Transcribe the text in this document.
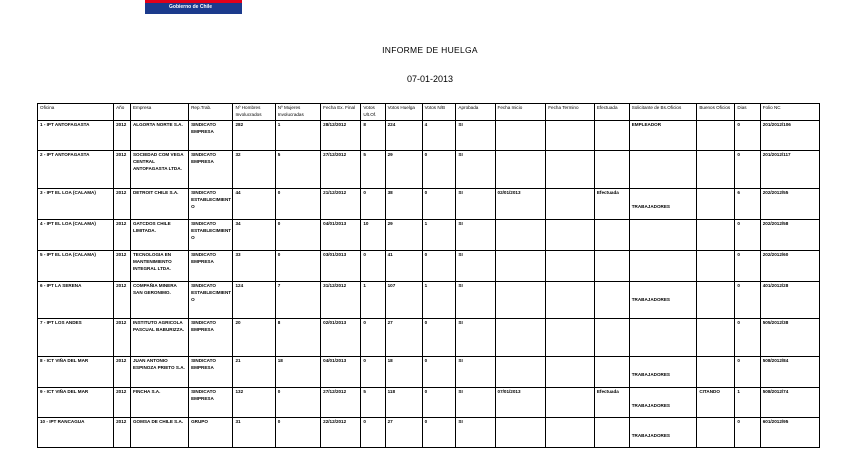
Gobierno de Chile
INFORME DE HUELGA
07-01-2013
Oficina	Año	Empresa	Rep.Trab.	Nº Hombres Involucrados	Nº Mujeres Involucradas	Fecha Ex. Final	Votos Ult.Of.	Votos Huelga	Votos N/B	Aprobada	Fecha Inicio	Fecha Termino	Efectuada	Solicitante de Bs.Oficios	Buenos Oficios	Dias	Folio NC
1 - IPT ANTOFAGASTA	2012	ALGORTA NORTE S.A.	SINDICATO EMPRESA	282	1	28/12/2012	8	224	4	SI				EMPLEADOR		0	201/2012/106
2 - IPT ANTOFAGASTA	2012	SOCIEDAD COM VEGA CENTRAL ANTOFAGASTA LTDA.	SINDICATO EMPRESA	32	5	27/12/2012	5	29	0	SI						0	201/2012/117
3 - IPT EL LOA (CALAMA)	2012	DETROIT CHILE S.A.	SINDICATO ESTABLECIMIENTO	44	0	21/12/2012	0	38	0	SI	02/01/2013		Efectuada	TRABAJADORES		6	202/2012/55
4 - IPT EL LOA (CALAMA)	2012	GATCDOS CHILE LIMITADA.	SINDICATO ESTABLECIMIENTO	34	0	04/01/2013	10	29	1	SI						0	202/2012/58
5 - IPT EL LOA (CALAMA)	2012	TECNOLOGIA EN MANTENIMIENTO INTEGRAL LTDA.	SINDICATO EMPRESA	33	0	03/01/2013	0	41	0	SI						0	202/2012/60
6 - IPT LA SERENA	2012	COMPAÑIA MINERA SAN GERONIMO.	SINDICATO ESTABLECIMIENTO	124	7	31/12/2012	1	107	1	SI				TRABAJADORES		0	401/2012/28
7 - IPT LOS ANDES	2012	INSTITUTO AGRICOLA PASCUAL BABURIZZA.	SINDICATO EMPRESA	20	8	02/01/2013	0	27	0	SI						0	505/2012/38
8 - ICT VIÑA DEL MAR	2012	JUAN ANTONIO ESPINOZA PRIETO S.A.	SINDICATO EMPRESA	21	18	04/01/2013	0	18	0	SI				TRABAJADORES		0	508/2012/84
9 - ICT VIÑA DEL MAR	2012	FINCHA S.A.	SINDICATO EMPRESA	132	0	27/12/2012	5	118	0	SI	07/01/2013		Efectuada	TRABAJADORES	CITANDO	1	508/2012/74
10 - IPT RANCAGUA	2012	GOMSA DE CHILE S.A.	GRUPO	31	0	22/12/2012	0	27	0	SI				TRABAJADORES		0	601/2012/95
